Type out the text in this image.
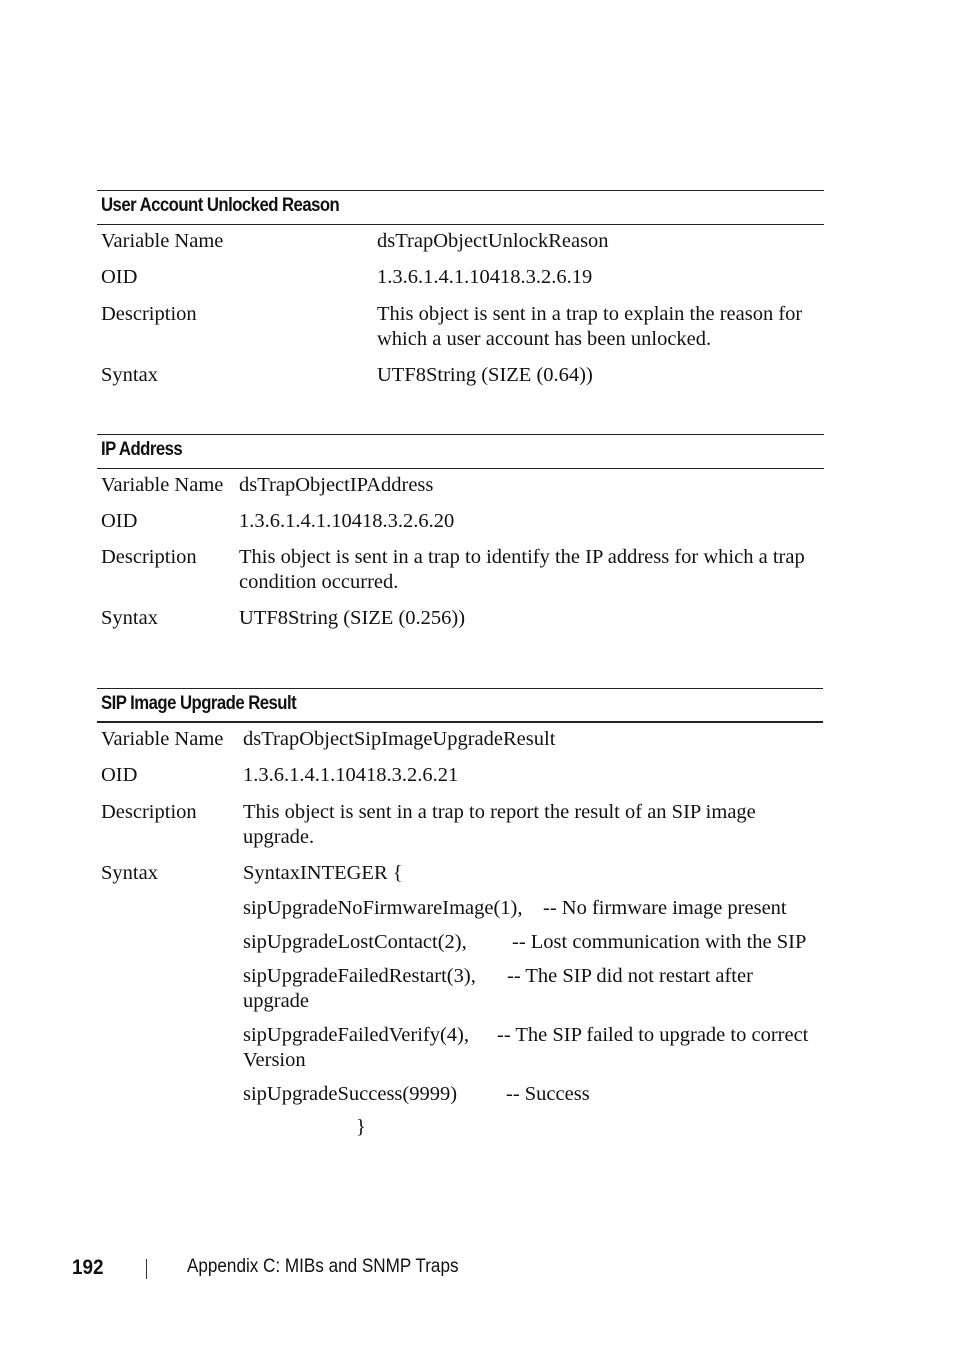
User Account Unlocked Reason
Variable Name	dsTrapObjectUnlockReason
OID	1.3.6.1.4.1.10418.3.2.6.19
Description	This object is sent in a trap to explain the reason for which a user account has been unlocked.
Syntax	UTF8String (SIZE (0.64))
IP Address
Variable Name dsTrapObjectIPAddress
OID	1.3.6.1.4.1.10418.3.2.6.20
Description	This object is sent in a trap to identify the IP address for which a trap condition occurred.
Syntax	UTF8String (SIZE (0.256))
SIP Image Upgrade Result
Variable Name dsTrapObjectSipImageUpgradeResult
OID	1.3.6.1.4.1.10418.3.2.6.21
Description	This object is sent in a trap to report the result of an SIP image upgrade.
Syntax	SyntaxINTEGER {
sipUpgradeNoFirmwareImage(1), -- No firmware image present
sipUpgradeLostContact(2), -- Lost communication with the SIP
sipUpgradeFailedRestart(3), -- The SIP did not restart after
upgrade
sipUpgradeFailedVerify(4), -- The SIP failed to upgrade to correct
Version
sipUpgradeSuccess(9999) -- Success
}
192	Appendix C: MIBs and SNMP Traps
